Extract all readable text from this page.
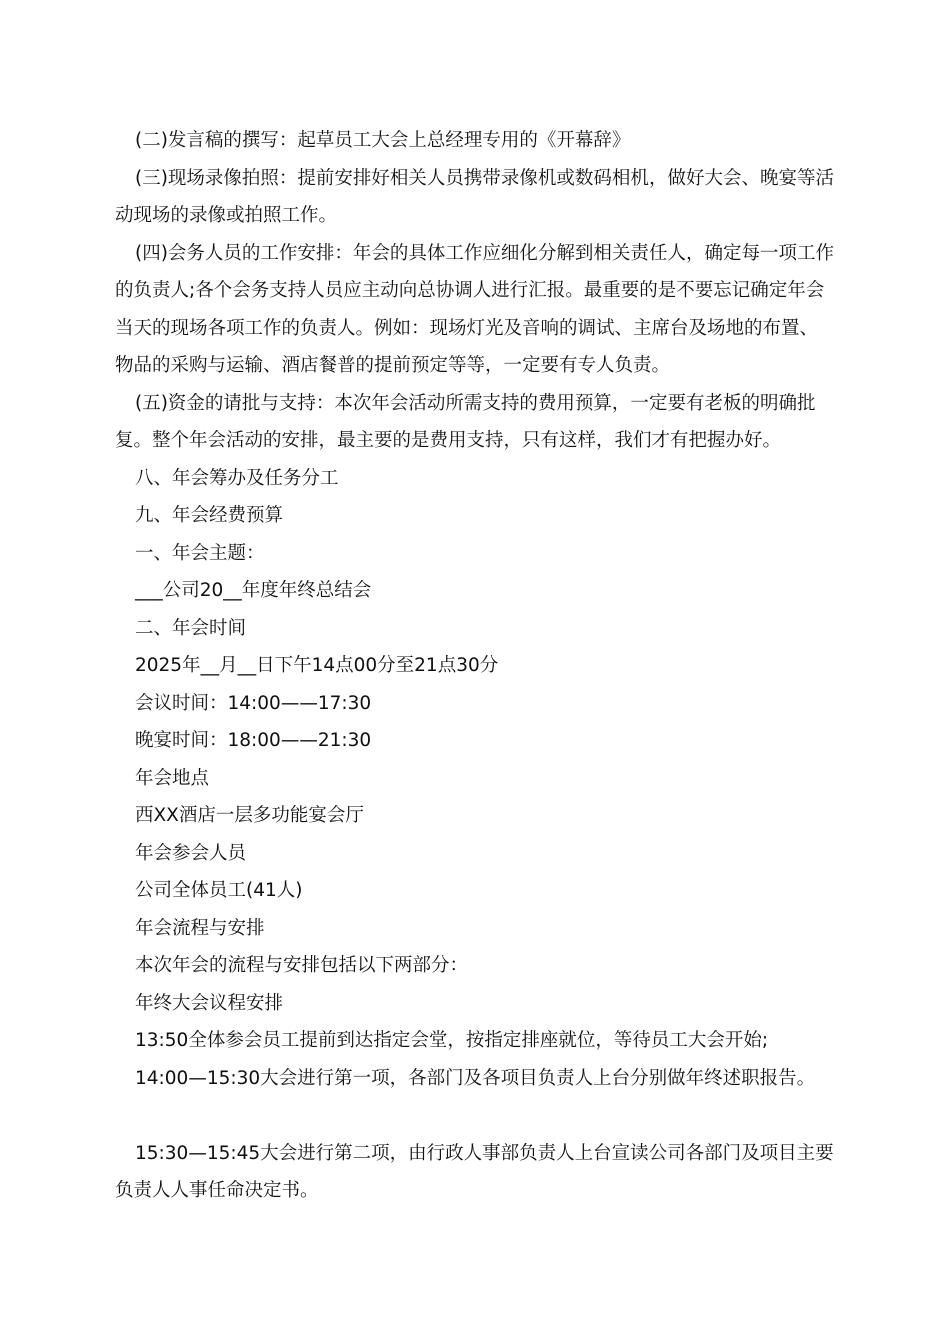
(二)发言稿的撰写：起草员工大会上总经理专用的《开幕辞》

(三)现场录像拍照：提前安排好相关人员携带录像机或数码相机，做好大会、晚宴等活动现场的录像或拍照工作。

(四)会务人员的工作安排：年会的具体工作应细化分解到相关责任人，确定每一项工作的负责人;各个会务支持人员应主动向总协调人进行汇报。最重要的是不要忘记确定年会当天的现场各项工作的负责人。例如：现场灯光及音响的调试、主席台及场地的布置、物品的采购与运输、酒店餐普的提前预定等等，一定要有专人负责。

(五)资金的请批与支持：本次年会活动所需支持的费用预算，一定要有老板的明确批复。整个年会活动的安排，最主要的是费用支持，只有这样，我们才有把握办好。

八、年会筹办及任务分工

九、年会经费预算

一、年会主题：

___公司20__年度年终总结会

二、年会时间

2025年__月__日下午14点00分至21点30分

会议时间：14:00——17:30

晚宴时间：18:00——21:30

年会地点

西XX酒店一层多功能宴会厅

年会参会人员

公司全体员工(41人)

年会流程与安排

本次年会的流程与安排包括以下两部分：

年终大会议程安排

13:50全体参会员工提前到达指定会堂，按指定排座就位，等待员工大会开始;

14:00—15:30大会进行第一项，各部门及各项目负责人上台分别做年终述职报告。

15:30—15:45大会进行第二项，由行政人事部负责人上台宣读公司各部门及项目主要负责人人事任命决定书。
